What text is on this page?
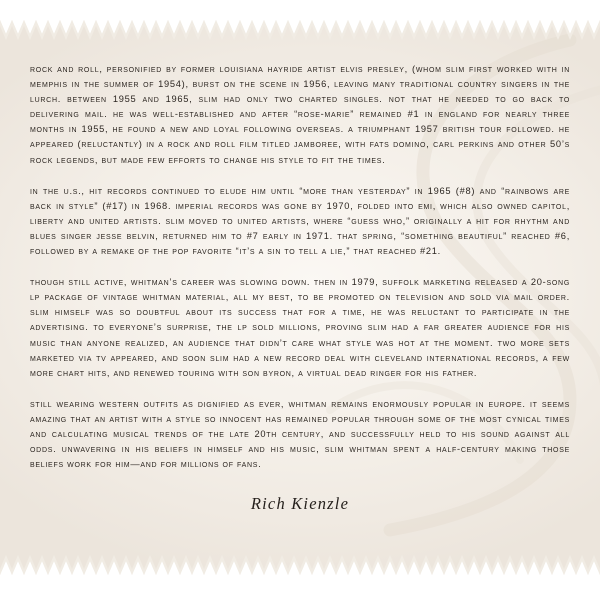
rock and roll, personified by former louisiana hayride artist elvis presley, (whom slim first worked with in memphis in the summer of 1954), burst on the scene in 1956, leaving many traditional country singers in the lurch. between 1955 and 1965, slim had only two charted singles. not that he needed to go back to delivering mail. he was well-established and after “rose-marie” remained #1 in england for nearly three months in 1955, he found a new and loyal following overseas. a triumphant 1957 british tour followed. he appeared (reluctantly) in a rock and roll film titled jamboree, with fats domino, carl perkins and other 50’s rock legends, but made few efforts to change his style to fit the times.

in the u.s., hit records continued to elude him until “more than yesterday” in 1965 (#8) and “rainbows are back in style” (#17) in 1968. imperial records was gone by 1970, folded into emi, which also owned capitol, liberty and united artists. slim moved to united artists, where “guess who,” originally a hit for rhythm and blues singer jesse belvin, returned him to #7 early in 1971. that spring, “something beautiful” reached #6, followed by a remake of the pop favorite “it’s a sin to tell a lie,” that reached #21.

though still active, whitman’s career was slowing down. then in 1979, suffolk marketing released a 20-song lp package of vintage whitman material, all my best, to be promoted on television and sold via mail order. slim himself was so doubtful about its success that for a time, he was reluctant to participate in the advertising. to everyone’s surprise, the lp sold millions, proving slim had a far greater audience for his music than anyone realized, an audience that didn’t care what style was hot at the moment. two more sets marketed via tv appeared, and soon slim had a new record deal with cleveland international records, a few more chart hits, and renewed touring with son byron, a virtual dead ringer for his father.

still wearing western outfits as dignified as ever, whitman remains enormously popular in europe. it seems amazing that an artist with a style so innocent has remained popular through some of the most cynical times and calculating musical trends of the late 20th century, and successfully held to his sound against all odds. unwavering in his beliefs in himself and his music, slim whitman spent a half-century making those beliefs work for him—and for millions of fans.

Rich Kienzle
